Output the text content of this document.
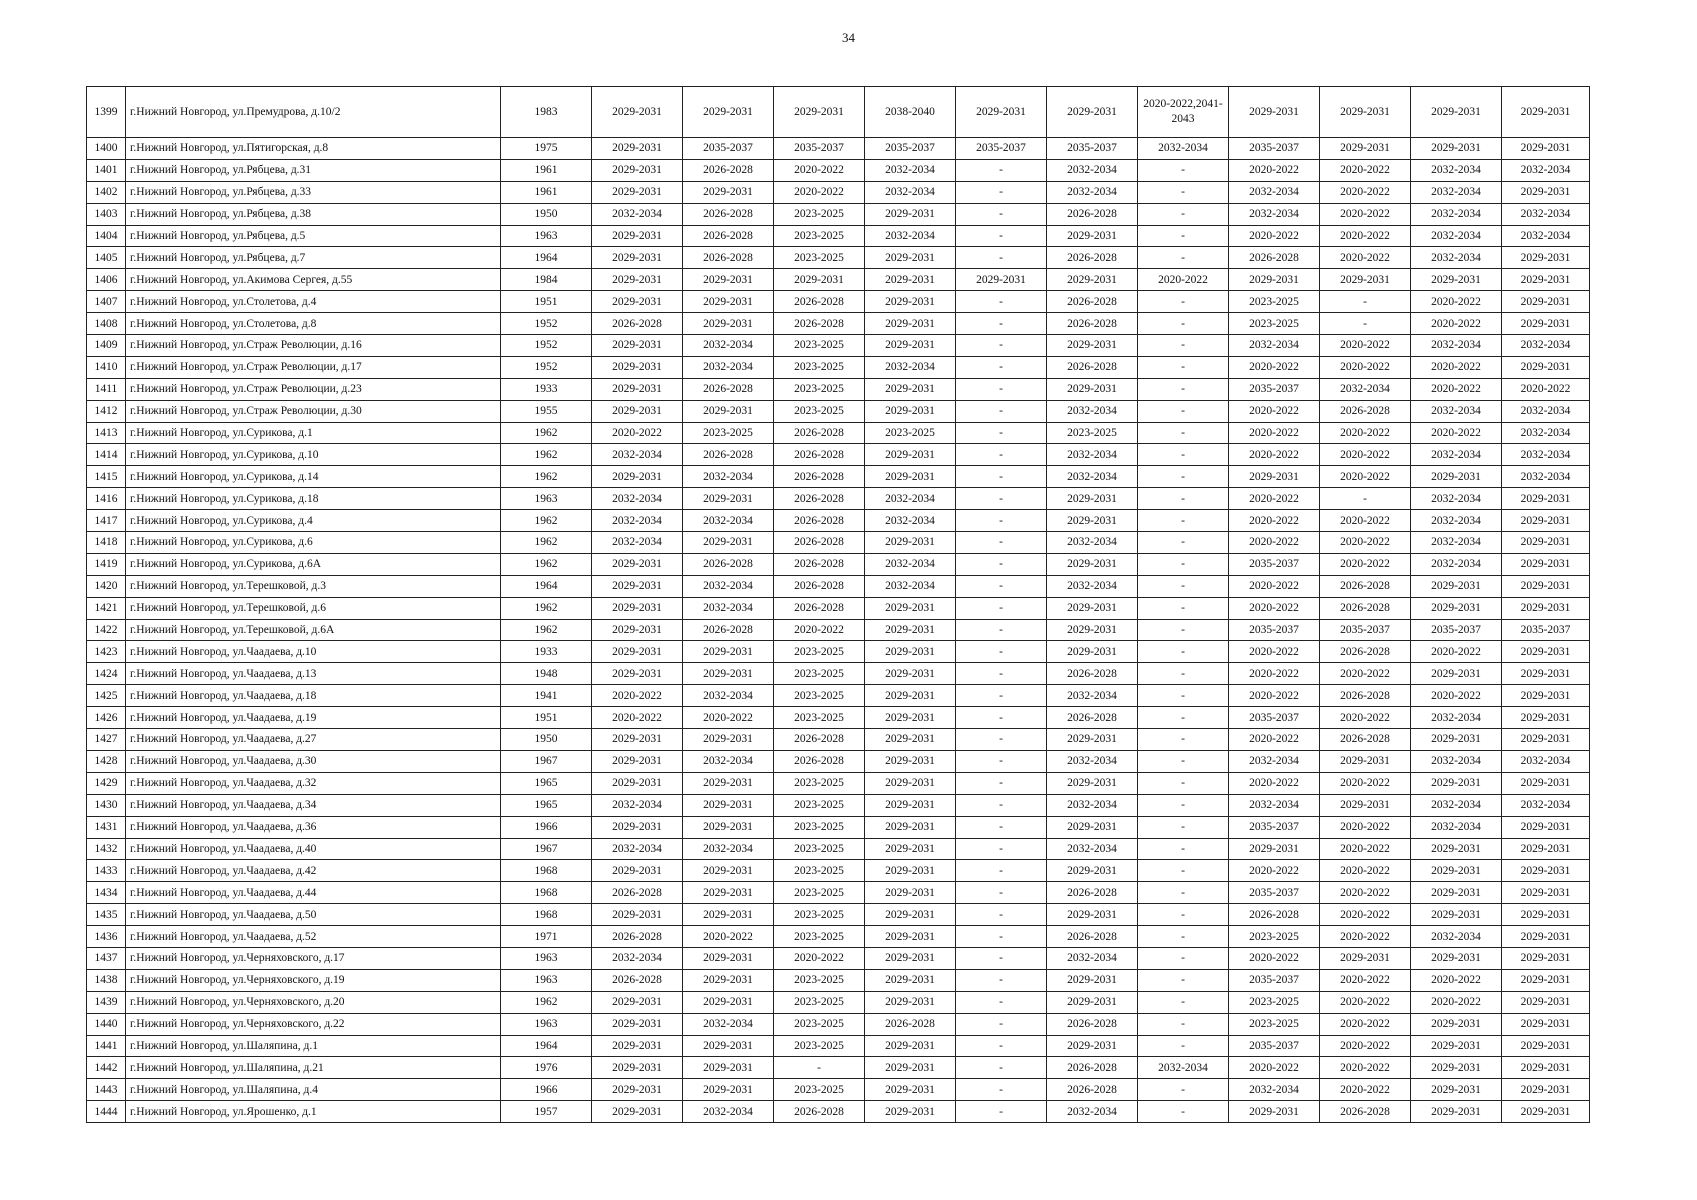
34
1399	г.Нижний Новгород, ул.Премудрова, д.10/2	1983	2029-2031	2029-2031	2029-2031	2038-2040	2029-2031	2029-2031	2020-2022,2041-2043	2029-2031	2029-2031	2029-2031	2029-2031
1400	г.Нижний Новгород, ул.Пятигорская, д.8	1975	2029-2031	2035-2037	2035-2037	2035-2037	2035-2037	2035-2037	2032-2034	2035-2037	2029-2031	2029-2031	2029-2031
1401	г.Нижний Новгород, ул.Рябцева, д.31	1961	2029-2031	2026-2028	2020-2022	2032-2034	-	2032-2034	-	2020-2022	2020-2022	2032-2034	2032-2034
1402	г.Нижний Новгород, ул.Рябцева, д.33	1961	2029-2031	2029-2031	2020-2022	2032-2034	-	2032-2034	-	2032-2034	2020-2022	2032-2034	2029-2031
1403	г.Нижний Новгород, ул.Рябцева, д.38	1950	2032-2034	2026-2028	2023-2025	2029-2031	-	2026-2028	-	2032-2034	2020-2022	2032-2034	2032-2034
1404	г.Нижний Новгород, ул.Рябцева, д.5	1963	2029-2031	2026-2028	2023-2025	2032-2034	-	2029-2031	-	2020-2022	2020-2022	2032-2034	2032-2034
1405	г.Нижний Новгород, ул.Рябцева, д.7	1964	2029-2031	2026-2028	2023-2025	2029-2031	-	2026-2028	-	2026-2028	2020-2022	2032-2034	2029-2031
1406	г.Нижний Новгород, ул.Акимова Сергея, д.55	1984	2029-2031	2029-2031	2029-2031	2029-2031	2029-2031	2029-2031	2020-2022	2029-2031	2029-2031	2029-2031	2029-2031
1407	г.Нижний Новгород, ул.Столетова, д.4	1951	2029-2031	2029-2031	2026-2028	2029-2031	-	2026-2028	-	2023-2025	-	2020-2022	2029-2031
1408	г.Нижний Новгород, ул.Столетова, д.8	1952	2026-2028	2029-2031	2026-2028	2029-2031	-	2026-2028	-	2023-2025	-	2020-2022	2029-2031
1409	г.Нижний Новгород, ул.Страж Революции, д.16	1952	2029-2031	2032-2034	2023-2025	2029-2031	-	2029-2031	-	2032-2034	2020-2022	2032-2034	2032-2034
1410	г.Нижний Новгород, ул.Страж Революции, д.17	1952	2029-2031	2032-2034	2023-2025	2032-2034	-	2026-2028	-	2020-2022	2020-2022	2020-2022	2029-2031
1411	г.Нижний Новгород, ул.Страж Революции, д.23	1933	2029-2031	2026-2028	2023-2025	2029-2031	-	2029-2031	-	2035-2037	2032-2034	2020-2022	2020-2022
1412	г.Нижний Новгород, ул.Страж Революции, д.30	1955	2029-2031	2029-2031	2023-2025	2029-2031	-	2032-2034	-	2020-2022	2026-2028	2032-2034	2032-2034
1413	г.Нижний Новгород, ул.Сурикова, д.1	1962	2020-2022	2023-2025	2026-2028	2023-2025	-	2023-2025	-	2020-2022	2020-2022	2020-2022	2032-2034
1414	г.Нижний Новгород, ул.Сурикова, д.10	1962	2032-2034	2026-2028	2026-2028	2029-2031	-	2032-2034	-	2020-2022	2020-2022	2032-2034	2032-2034
1415	г.Нижний Новгород, ул.Сурикова, д.14	1962	2029-2031	2032-2034	2026-2028	2029-2031	-	2032-2034	-	2029-2031	2020-2022	2029-2031	2032-2034
1416	г.Нижний Новгород, ул.Сурикова, д.18	1963	2032-2034	2029-2031	2026-2028	2032-2034	-	2029-2031	-	2020-2022	-	2032-2034	2029-2031
1417	г.Нижний Новгород, ул.Сурикова, д.4	1962	2032-2034	2032-2034	2026-2028	2032-2034	-	2029-2031	-	2020-2022	2020-2022	2032-2034	2029-2031
1418	г.Нижний Новгород, ул.Сурикова, д.6	1962	2032-2034	2029-2031	2026-2028	2029-2031	-	2032-2034	-	2020-2022	2020-2022	2032-2034	2029-2031
1419	г.Нижний Новгород, ул.Сурикова, д.6А	1962	2029-2031	2026-2028	2026-2028	2032-2034	-	2029-2031	-	2035-2037	2020-2022	2032-2034	2029-2031
1420	г.Нижний Новгород, ул.Терешковой, д.3	1964	2029-2031	2032-2034	2026-2028	2032-2034	-	2032-2034	-	2020-2022	2026-2028	2029-2031	2029-2031
1421	г.Нижний Новгород, ул.Терешковой, д.6	1962	2029-2031	2032-2034	2026-2028	2029-2031	-	2029-2031	-	2020-2022	2026-2028	2029-2031	2029-2031
1422	г.Нижний Новгород, ул.Терешковой, д.6А	1962	2029-2031	2026-2028	2020-2022	2029-2031	-	2029-2031	-	2035-2037	2035-2037	2035-2037	2035-2037
1423	г.Нижний Новгород, ул.Чаадаева, д.10	1933	2029-2031	2029-2031	2023-2025	2029-2031	-	2029-2031	-	2020-2022	2026-2028	2020-2022	2029-2031
1424	г.Нижний Новгород, ул.Чаадаева, д.13	1948	2029-2031	2029-2031	2023-2025	2029-2031	-	2026-2028	-	2020-2022	2020-2022	2029-2031	2029-2031
1425	г.Нижний Новгород, ул.Чаадаева, д.18	1941	2020-2022	2032-2034	2023-2025	2029-2031	-	2032-2034	-	2020-2022	2026-2028	2020-2022	2029-2031
1426	г.Нижний Новгород, ул.Чаадаева, д.19	1951	2020-2022	2020-2022	2023-2025	2029-2031	-	2026-2028	-	2035-2037	2020-2022	2032-2034	2029-2031
1427	г.Нижний Новгород, ул.Чаадаева, д.27	1950	2029-2031	2029-2031	2026-2028	2029-2031	-	2029-2031	-	2020-2022	2026-2028	2029-2031	2029-2031
1428	г.Нижний Новгород, ул.Чаадаева, д.30	1967	2029-2031	2032-2034	2026-2028	2029-2031	-	2032-2034	-	2032-2034	2029-2031	2032-2034	2032-2034
1429	г.Нижний Новгород, ул.Чаадаева, д.32	1965	2029-2031	2029-2031	2023-2025	2029-2031	-	2029-2031	-	2020-2022	2020-2022	2029-2031	2029-2031
1430	г.Нижний Новгород, ул.Чаадаева, д.34	1965	2032-2034	2029-2031	2023-2025	2029-2031	-	2032-2034	-	2032-2034	2029-2031	2032-2034	2032-2034
1431	г.Нижний Новгород, ул.Чаадаева, д.36	1966	2029-2031	2029-2031	2023-2025	2029-2031	-	2029-2031	-	2035-2037	2020-2022	2032-2034	2029-2031
1432	г.Нижний Новгород, ул.Чаадаева, д.40	1967	2032-2034	2032-2034	2023-2025	2029-2031	-	2032-2034	-	2029-2031	2020-2022	2029-2031	2029-2031
1433	г.Нижний Новгород, ул.Чаадаева, д.42	1968	2029-2031	2029-2031	2023-2025	2029-2031	-	2029-2031	-	2020-2022	2020-2022	2029-2031	2029-2031
1434	г.Нижний Новгород, ул.Чаадаева, д.44	1968	2026-2028	2029-2031	2023-2025	2029-2031	-	2026-2028	-	2035-2037	2020-2022	2029-2031	2029-2031
1435	г.Нижний Новгород, ул.Чаадаева, д.50	1968	2029-2031	2029-2031	2023-2025	2029-2031	-	2029-2031	-	2026-2028	2020-2022	2029-2031	2029-2031
1436	г.Нижний Новгород, ул.Чаадаева, д.52	1971	2026-2028	2020-2022	2023-2025	2029-2031	-	2026-2028	-	2023-2025	2020-2022	2032-2034	2029-2031
1437	г.Нижний Новгород, ул.Черняховского, д.17	1963	2032-2034	2029-2031	2020-2022	2029-2031	-	2032-2034	-	2020-2022	2029-2031	2029-2031	2029-2031
1438	г.Нижний Новгород, ул.Черняховского, д.19	1963	2026-2028	2029-2031	2023-2025	2029-2031	-	2029-2031	-	2035-2037	2020-2022	2020-2022	2029-2031
1439	г.Нижний Новгород, ул.Черняховского, д.20	1962	2029-2031	2029-2031	2023-2025	2029-2031	-	2029-2031	-	2023-2025	2020-2022	2020-2022	2029-2031
1440	г.Нижний Новгород, ул.Черняховского, д.22	1963	2029-2031	2032-2034	2023-2025	2026-2028	-	2026-2028	-	2023-2025	2020-2022	2029-2031	2029-2031
1441	г.Нижний Новгород, ул.Шаляпина, д.1	1964	2029-2031	2029-2031	2023-2025	2029-2031	-	2029-2031	-	2035-2037	2020-2022	2029-2031	2029-2031
1442	г.Нижний Новгород, ул.Шаляпина, д.21	1976	2029-2031	2029-2031	-	2029-2031	-	2026-2028	2032-2034	2020-2022	2020-2022	2029-2031	2029-2031
1443	г.Нижний Новгород, ул.Шаляпина, д.4	1966	2029-2031	2029-2031	2023-2025	2029-2031	-	2026-2028	-	2032-2034	2020-2022	2029-2031	2029-2031
1444	г.Нижний Новгород, ул.Ярошенко, д.1	1957	2029-2031	2032-2034	2026-2028	2029-2031	-	2032-2034	-	2029-2031	2026-2028	2029-2031	2029-2031
